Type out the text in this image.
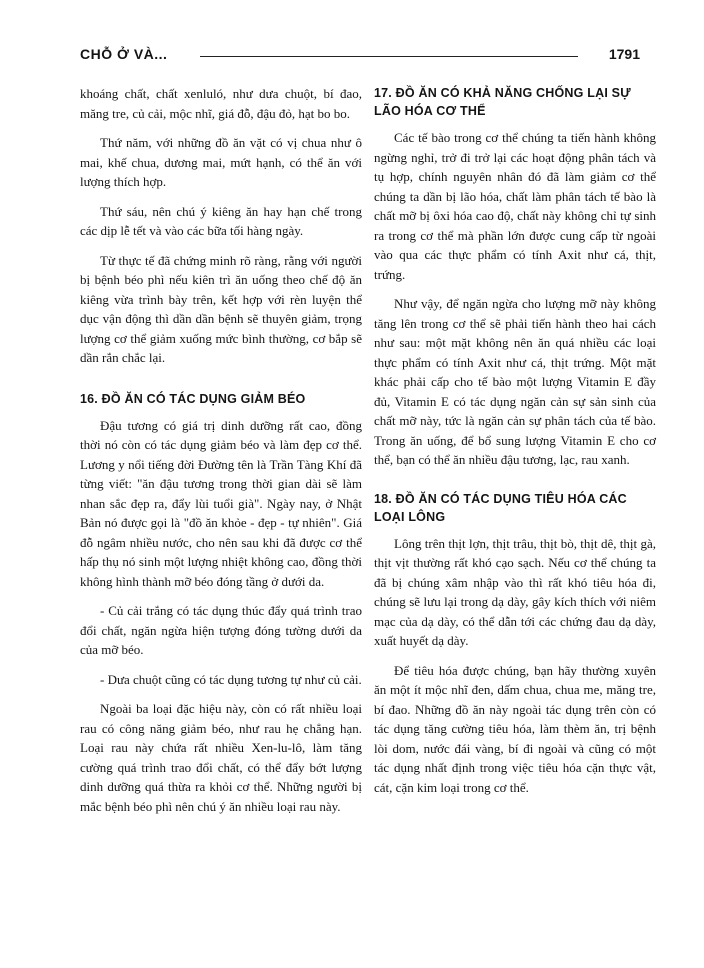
CHỖ Ở VÀ...	1791

khoáng chất, chất xenluló, như dưa chuột, bí đao, măng tre, củ cải, mộc nhĩ, giá đỗ, đậu đỏ, hạt bo bo.

Thứ năm, với những đồ ăn vặt có vị chua như ô mai, khế chua, dương mai, mứt hạnh, có thể ăn với lượng thích hợp.

Thứ sáu, nên chú ý kiêng ăn hay hạn chế trong các dịp lễ tết và vào các bữa tối hàng ngày.

Từ thực tế đã chứng minh rõ ràng, rằng với người bị bệnh béo phì nếu kiên trì ăn uống theo chế độ ăn kiêng vừa trình bày trên, kết hợp với rèn luyện thể dục vận động thì dần dần bệnh sẽ thuyên giảm, trọng lượng cơ thể giảm xuống mức bình thường, cơ bắp sẽ dần rắn chắc lại.

16. ĐỒ ĂN CÓ TÁC DỤNG GIẢM BÉO

Đậu tương có giá trị dinh dưỡng rất cao, đồng thời nó còn có tác dụng giảm béo và làm đẹp cơ thể. Lương y nổi tiếng đời Đường tên là Trần Tàng Khí đã từng viết: "ăn đậu tương trong thời gian dài sẽ làm nhan sắc đẹp ra, đẩy lùi tuổi già". Ngày nay, ở Nhật Bản nó được gọi là "đồ ăn khỏe - đẹp - tự nhiên". Giá đỗ ngâm nhiều nước, cho nên sau khi đã được cơ thể hấp thụ nó sinh một lượng nhiệt không cao, đồng thời không hình thành mỡ béo đóng tầng ở dưới da.

- Củ cải trắng có tác dụng thúc đẩy quá trình trao đổi chất, ngăn ngừa hiện tượng đóng tường dưới da của mỡ béo.

- Dưa chuột cũng có tác dụng tương tự như củ cải.

Ngoài ba loại đặc hiệu này, còn có rất nhiều loại rau có công năng giảm béo, như rau hẹ chẳng hạn. Loại rau này chứa rất nhiều Xen-lu-lô, làm tăng cường quá trình trao đổi chất, có thể đẩy bớt lượng dinh dưỡng quá thừa ra khỏi cơ thể. Những người bị mắc bệnh béo phì nên chú ý ăn nhiều loại rau này.

17. ĐỒ ĂN CÓ KHẢ NĂNG CHỐNG LẠI SỰ LÃO HÓA CƠ THỂ

Các tế bào trong cơ thể chúng ta tiến hành không ngừng nghỉ, trở đi trở lại các hoạt động phân tách và tụ hợp, chính nguyên nhân đó đã làm giảm cơ thể chúng ta dần bị lão hóa, chất làm phân tách tế bào là chất mỡ bị ôxi hóa cao độ, chất này không chỉ tự sinh ra trong cơ thể mà phần lớn được cung cấp từ ngoài vào qua các thực phẩm có tính Axit như cá, thịt, trứng.

Như vậy, để ngăn ngừa cho lượng mỡ này không tăng lên trong cơ thể sẽ phải tiến hành theo hai cách như sau: một mặt không nên ăn quá nhiều các loại thực phẩm có tính Axit như cá, thịt trứng. Một mặt khác phải cấp cho tế bào một lượng Vitamin E đầy đủ, Vitamin E có tác dụng ngăn cản sự sản sinh của chất mỡ này, tức là ngăn cản sự phân tách của tế bào. Trong ăn uống, để bổ sung lượng Vitamin E cho cơ thể, bạn có thể ăn nhiều đậu tương, lạc, rau xanh.

18. ĐỒ ĂN CÓ TÁC DỤNG TIÊU HÓA CÁC LOẠI LÔNG

Lông trên thịt lợn, thịt trâu, thịt bò, thịt dê, thịt gà, thịt vịt thường rất khó cạo sạch. Nếu cơ thể chúng ta đã bị chúng xâm nhập vào thì rất khó tiêu hóa đi, chúng sẽ lưu lại trong dạ dày, gây kích thích với niêm mạc của dạ dày, có thể dẫn tới các chứng đau dạ dày, xuất huyết dạ dày.

Để tiêu hóa được chúng, bạn hãy thường xuyên ăn một ít mộc nhĩ đen, dấm chua, chua me, măng tre, bí đao. Những đồ ăn này ngoài tác dụng trên còn có tác dụng tăng cường tiêu hóa, làm thèm ăn, trị bệnh lòi dom, nước đái vàng, bí đi ngoài và cũng có một tác dụng nhất định trong việc tiêu hóa cặn thực vật, cát, cặn kim loại trong cơ thể.
